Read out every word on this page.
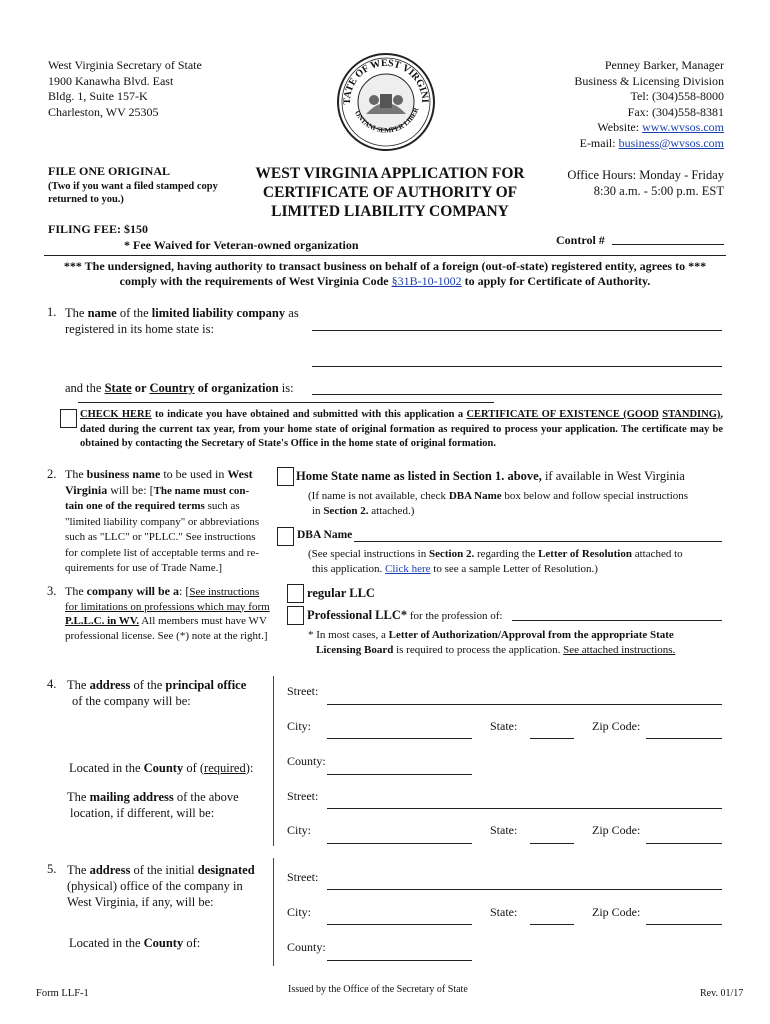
West Virginia Secretary of State
1900 Kanawha Blvd. East
Bldg. 1, Suite 157-K
Charleston, WV 25305
TATE OF WEST VIRGINI
ONTANI SEMPER LIBER
Penney Barker, Manager
Business & Licensing Division
Tel: (304)558-8000
Fax: (304)558-8381
Website: www.wvsos.com
E-mail: business@wvsos.com
FILE ONE ORIGINAL
(Two if you want a filed stamped copy returned to you.)
FILING FEE: $150
* Fee Waived for Veteran-owned organization
WEST VIRGINIA APPLICATION FOR
CERTIFICATE OF AUTHORITY OF
LIMITED LIABILITY COMPANY
Office Hours: Monday - Friday
8:30 a.m. - 5:00 p.m. EST
Control #
*** The undersigned, having authority to transact business on behalf of a foreign (out-of-state) registered entity, agrees to ***
comply with the requirements of West Virginia Code §31B-10-1002 to apply for Certificate of Authority.
1. The name of the limited liability company as
registered in its home state is:
and the State or Country of organization is:
CHECK HERE to indicate you have obtained and submitted with this application a CERTIFICATE OF EXISTENCE (GOOD STANDING), dated during the current tax year, from your home state of original formation as required to process your application. The certificate may be obtained by contacting the Secretary of State's Office in the home state of original formation.
2. The business name to be used in West
Virginia will be: [The name must con-
tain one of the required terms such as
"limited liability company" or abbreviations
such as "LLC" or "PLLC." See instructions
for complete list of acceptable terms and re-
quirements for use of Trade Name.]
Home State name as listed in Section 1. above, if available in West Virginia
(If name is not available, check DBA Name box below and follow special instructions
in Section 2. attached.)
DBA Name
(See special instructions in Section 2. regarding the Letter of Resolution attached to
this application. Click here to see a sample Letter of Resolution.)
3. The company will be a: [See instructions
for limitations on professions which may form
P.L.L.C. in WV. All members must have WV
professional license. See (*) note at the right.]
regular LLC
Professional LLC* for the profession of:
* In most cases, a Letter of Authorization/Approval from the appropriate State
Licensing Board is required to process the application. See attached instructions.
4. The address of the principal office
of the company will be:
Located in the County of (required):
The mailing address of the above
location, if different, will be:
Street:
City:	State:	Zip Code:
County:
Street:
City:	State:	Zip Code:
5. The address of the initial designated
(physical) office of the company in
West Virginia, if any, will be:
Located in the County of:
Street:
City:	State:	Zip Code:
County:
Form LLF-1	Issued by the Office of the Secretary of State	Rev. 01/17
